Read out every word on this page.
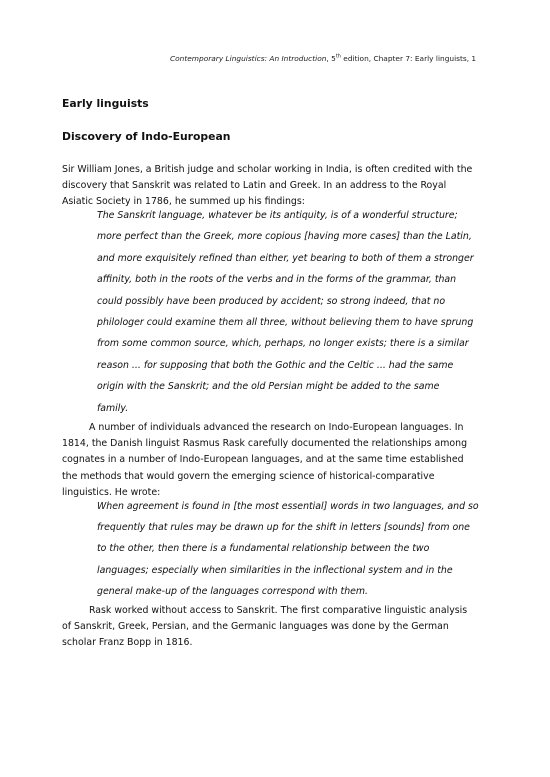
Contemporary Linguistics: An Introduction, 5th edition, Chapter 7: Early linguists, 1
Early linguists
Discovery of Indo-European
Sir William Jones, a British judge and scholar working in India, is often credited with the
discovery that Sanskrit was related to Latin and Greek. In an address to the Royal
Asiatic Society in 1786, he summed up his findings:
The Sanskrit language, whatever be its antiquity, is of a wonderful structure;
more perfect than the Greek, more copious [having more cases] than the Latin,
and more exquisitely refined than either, yet bearing to both of them a stronger
affinity, both in the roots of the verbs and in the forms of the grammar, than
could possibly have been produced by accident; so strong indeed, that no
philologer could examine them all three, without believing them to have sprung
from some common source, which, perhaps, no longer exists; there is a similar
reason ... for supposing that both the Gothic and the Celtic ... had the same
origin with the Sanskrit; and the old Persian might be added to the same
family.
A number of individuals advanced the research on Indo-European languages. In
1814, the Danish linguist Rasmus Rask carefully documented the relationships among
cognates in a number of Indo-European languages, and at the same time established
the methods that would govern the emerging science of historical-comparative
linguistics. He wrote:
When agreement is found in [the most essential] words in two languages, and so
frequently that rules may be drawn up for the shift in letters [sounds] from one
to the other, then there is a fundamental relationship between the two
languages; especially when similarities in the inflectional system and in the
general make-up of the languages correspond with them.
Rask worked without access to Sanskrit. The first comparative linguistic analysis
of Sanskrit, Greek, Persian, and the Germanic languages was done by the German
scholar Franz Bopp in 1816.
